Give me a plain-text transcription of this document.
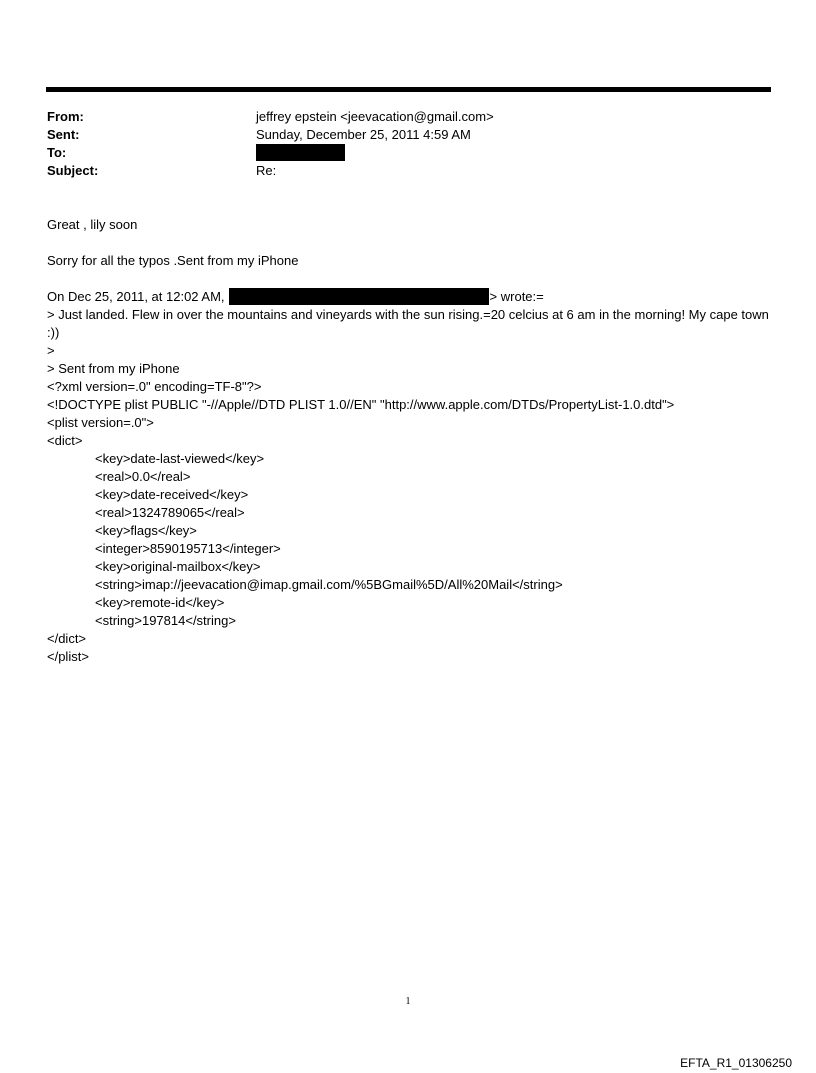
From:	jeffrey epstein <jeevacation@gmail.com>
Sent:	Sunday, December 25, 2011 4:59 AM
To:
Subject:	Re:

Great , lily soon

Sorry for all the typos .Sent from my iPhone

On Dec 25, 2011, at 12:02 AM,	> wrote:=

> Just landed. Flew in over the mountains and vineyards with the sun rising.=20 celcius at 6 am in the morning! My cape town :))

>

> Sent from my iPhone

<?xml version=.0" encoding=TF-8"?>

<!DOCTYPE plist PUBLIC "-//Apple//DTD PLIST 1.0//EN" "http://www.apple.com/DTDs/PropertyList-1.0.dtd">

<plist version=.0">

<dict>

<key>date-last-viewed</key>

<real>0.0</real>

<key>date-received</key>

<real>1324789065</real>

<key>flags</key>

<integer>8590195713</integer>

<key>original-mailbox</key>

<string>imap://jeevacation@imap.gmail.com/%5BGmail%5D/All%20Mail</string>

<key>remote-id</key>

<string>197814</string>

</dict>

</plist>

1
EFTA_R1_01306250
